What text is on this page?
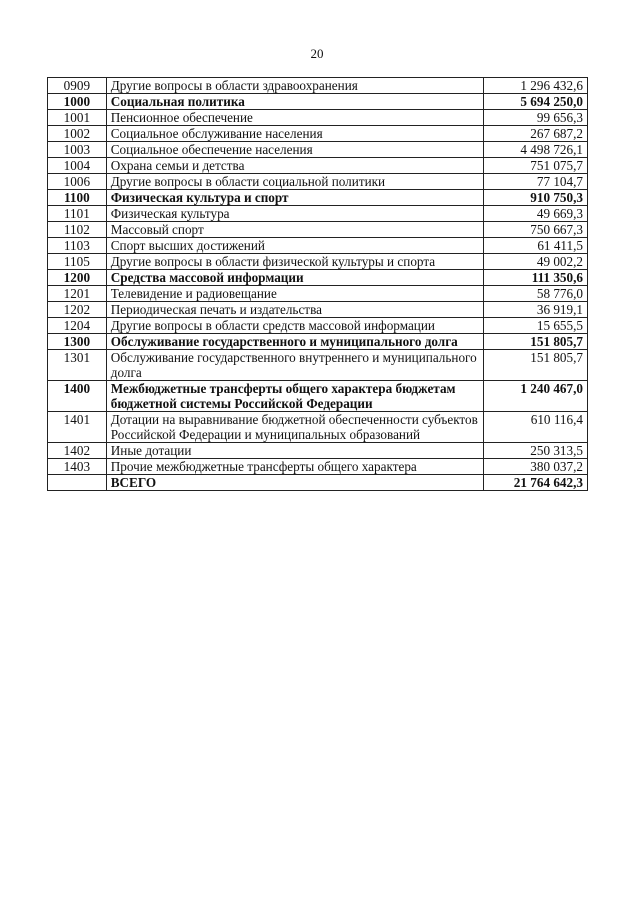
20
0909	Другие вопросы в области здравоохранения	1 296 432,6
1000	Социальная политика	5 694 250,0
1001	Пенсионное обеспечение	99 656,3
1002	Социальное обслуживание населения	267 687,2
1003	Социальное обеспечение населения	4 498 726,1
1004	Охрана семьи и детства	751 075,7
1006	Другие вопросы в области социальной политики	77 104,7
1100	Физическая культура и спорт	910 750,3
1101	Физическая культура	49 669,3
1102	Массовый спорт	750 667,3
1103	Спорт высших достижений	61 411,5
1105	Другие вопросы в области физической культуры и спорта	49 002,2
1200	Средства массовой информации	111 350,6
1201	Телевидение и радиовещание	58 776,0
1202	Периодическая печать и издательства	36 919,1
1204	Другие вопросы в области средств массовой информации	15 655,5
1300	Обслуживание государственного и муниципального долга	151 805,7
1301	Обслуживание государственного внутреннего и муниципального долга	151 805,7
1400	Межбюджетные трансферты общего характера бюджетам бюджетной системы Российской Федерации	1 240 467,0
1401	Дотации на выравнивание бюджетной обеспеченности субъектов Российской Федерации и муниципальных образований	610 116,4
1402	Иные дотации	250 313,5
1403	Прочие межбюджетные трансферты общего характера	380 037,2
	ВСЕГО	21 764 642,3
